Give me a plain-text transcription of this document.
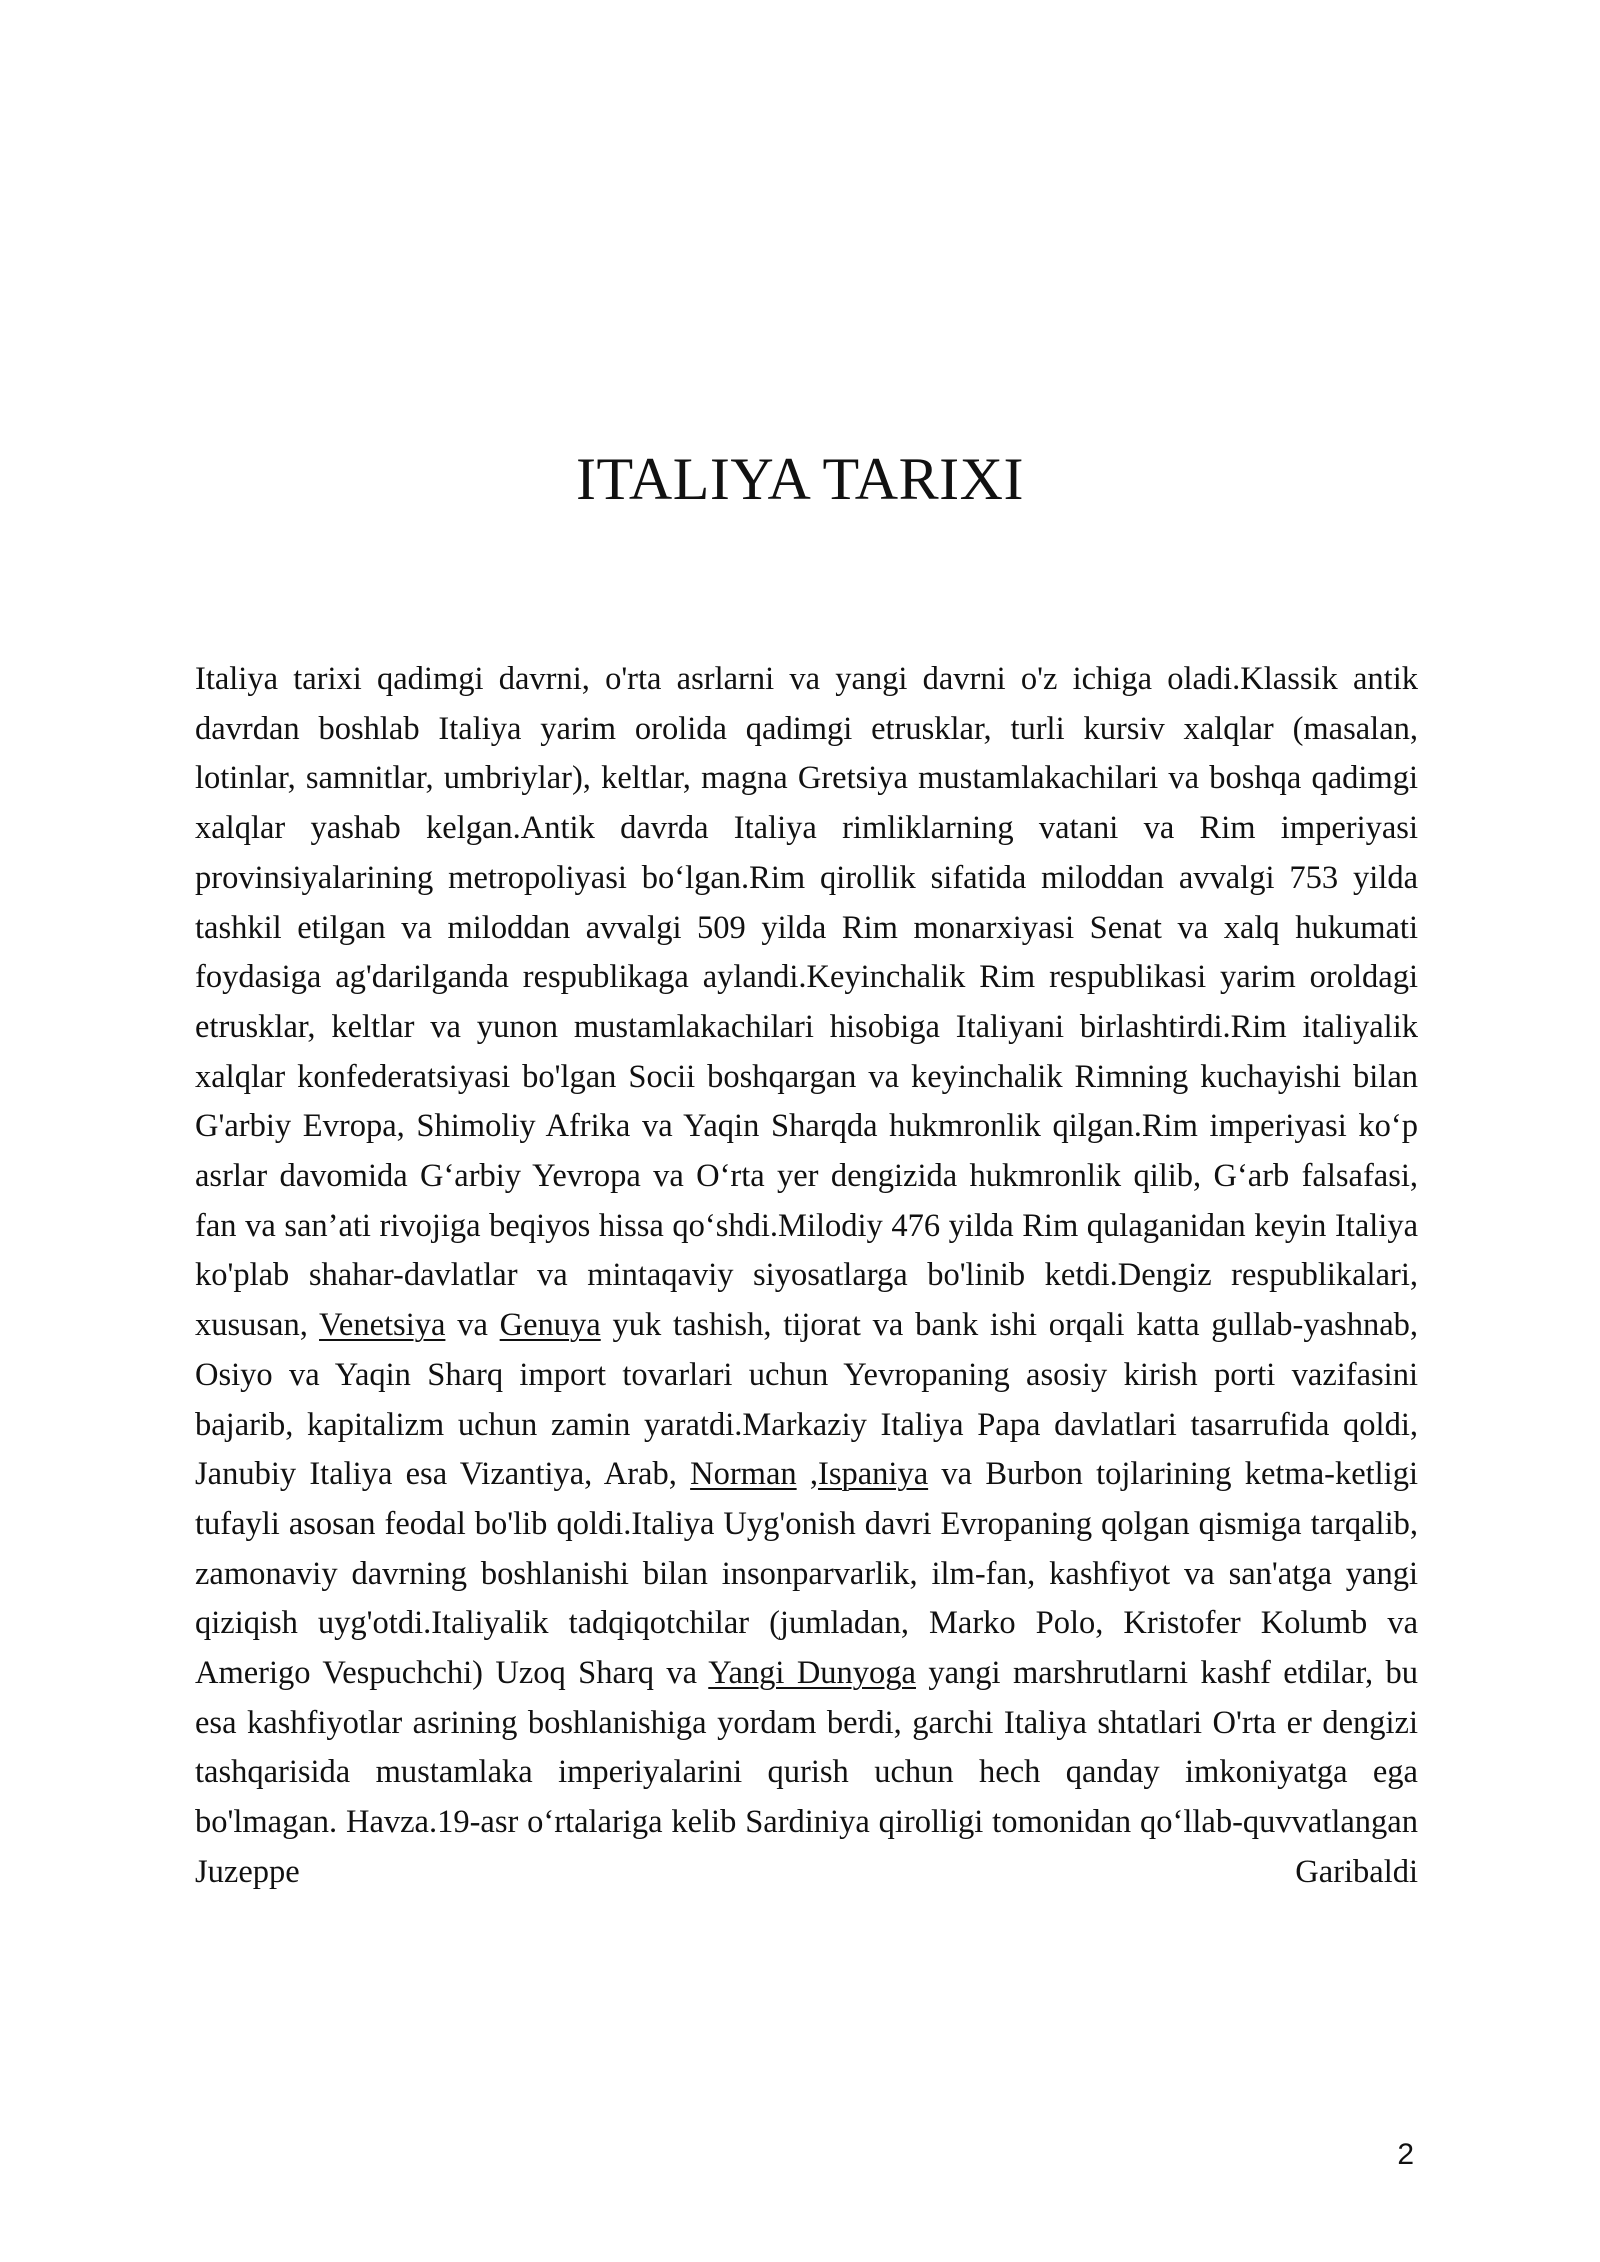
ITALIYA TARIXI

Italiya tarixi qadimgi davrni, o'rta asrlarni va yangi davrni o'z ichiga oladi.Klassik antik davrdan boshlab Italiya yarim orolida qadimgi etrusklar, turli kursiv xalqlar (masalan, lotinlar, samnitlar, umbriylar), keltlar, magna Gretsiya mustamlakachilari va boshqa qadimgi xalqlar yashab kelgan.Antik davrda Italiya rimliklarning vatani va Rim imperiyasi provinsiyalarining metropoliyasi bo‘lgan.Rim qirollik sifatida miloddan avvalgi 753 yilda tashkil etilgan va miloddan avvalgi 509 yilda Rim monarxiyasi Senat va xalq hukumati foydasiga ag'darilganda respublikaga aylandi.Keyinchalik Rim respublikasi yarim oroldagi etrusklar, keltlar va yunon mustamlakachilari hisobiga Italiyani birlashtirdi.Rim italiyalik xalqlar konfederatsiyasi bo'lgan Socii boshqargan va keyinchalik Rimning kuchayishi bilan G'arbiy Evropa, Shimoliy Afrika va Yaqin Sharqda hukmronlik qilgan.Rim imperiyasi ko‘p asrlar davomida G‘arbiy Yevropa va O‘rta yer dengizida hukmronlik qilib, G‘arb falsafasi, fan va san’ati rivojiga beqiyos hissa qo‘shdi.Milodiy 476 yilda Rim qulaganidan keyin Italiya ko'plab shahar-davlatlar va mintaqaviy siyosatlarga bo'linib ketdi.Dengiz respublikalari, xususan, Venetsiya va Genuya yuk tashish, tijorat va bank ishi orqali katta gullab-yashnab, Osiyo va Yaqin Sharq import tovarlari uchun Yevropaning asosiy kirish porti vazifasini bajarib, kapitalizm uchun zamin yaratdi.Markaziy Italiya Papa davlatlari tasarrufida qoldi, Janubiy Italiya esa Vizantiya, Arab, Norman ,Ispaniya va Burbon tojlarining ketma-ketligi tufayli asosan feodal bo'lib qoldi.Italiya Uyg'onish davri Evropaning qolgan qismiga tarqalib, zamonaviy davrning boshlanishi bilan insonparvarlik, ilm-fan, kashfiyot va san'atga yangi qiziqish uyg'otdi.Italiyalik tadqiqotchilar (jumladan, Marko Polo, Kristofer Kolumb va Amerigo Vespuchchi) Uzoq Sharq va Yangi Dunyoga yangi marshrutlarni kashf etdilar, bu esa kashfiyotlar asrining boshlanishiga yordam berdi, garchi Italiya shtatlari O'rta er dengizi tashqarisida mustamlaka imperiyalarini qurish uchun hech qanday imkoniyatga ega bo'lmagan. Havza.19-asr o‘rtalariga kelib Sardiniya qirolligi tomonidan qo‘llab-quvvatlangan Juzeppe Garibaldi

2
